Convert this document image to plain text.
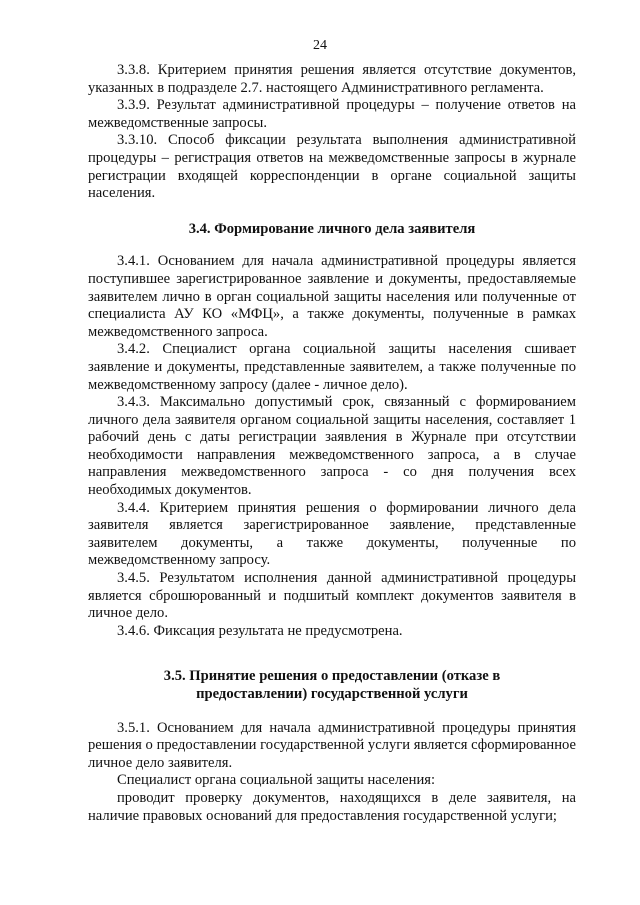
24

3.3.8. Критерием принятия решения является отсутствие документов, указанных в подразделе 2.7. настоящего Административного регламента.

3.3.9. Результат административной процедуры – получение ответов на межведомственные запросы.

3.3.10. Способ фиксации результата выполнения административной процедуры – регистрация ответов на межведомственные запросы в журнале регистрации входящей корреспонденции в органе социальной защиты населения.

3.4. Формирование личного дела заявителя

3.4.1. Основанием для начала административной процедуры является поступившее зарегистрированное заявление и документы, предоставляемые заявителем лично в орган социальной защиты населения или полученные от специалиста АУ КО «МФЦ», а также документы, полученные в рамках межведомственного запроса.

3.4.2. Специалист органа социальной защиты населения сшивает заявление и документы, представленные заявителем, а также полученные по межведомственному запросу (далее - личное дело).

3.4.3. Максимально допустимый срок, связанный с формированием личного дела заявителя органом социальной защиты населения, составляет 1 рабочий день с даты регистрации заявления в Журнале при отсутствии необходимости направления межведомственного запроса, а в случае направления межведомственного запроса - со дня получения всех необходимых документов.

3.4.4. Критерием принятия решения о формировании личного дела заявителя является зарегистрированное заявление, представленные заявителем документы, а также документы, полученные по межведомственному запросу.

3.4.5. Результатом исполнения данной административной процедуры является сброшюрованный и подшитый комплект документов заявителя в личное дело.

3.4.6. Фиксация результата не предусмотрена.

3.5. Принятие решения о предоставлении (отказе в

предоставлении) государственной услуги

3.5.1. Основанием для начала административной процедуры принятия решения о предоставлении государственной услуги является сформированное личное дело заявителя.

Специалист органа социальной защиты населения:

проводит проверку документов, находящихся в деле заявителя, на наличие правовых оснований для предоставления государственной услуги;
